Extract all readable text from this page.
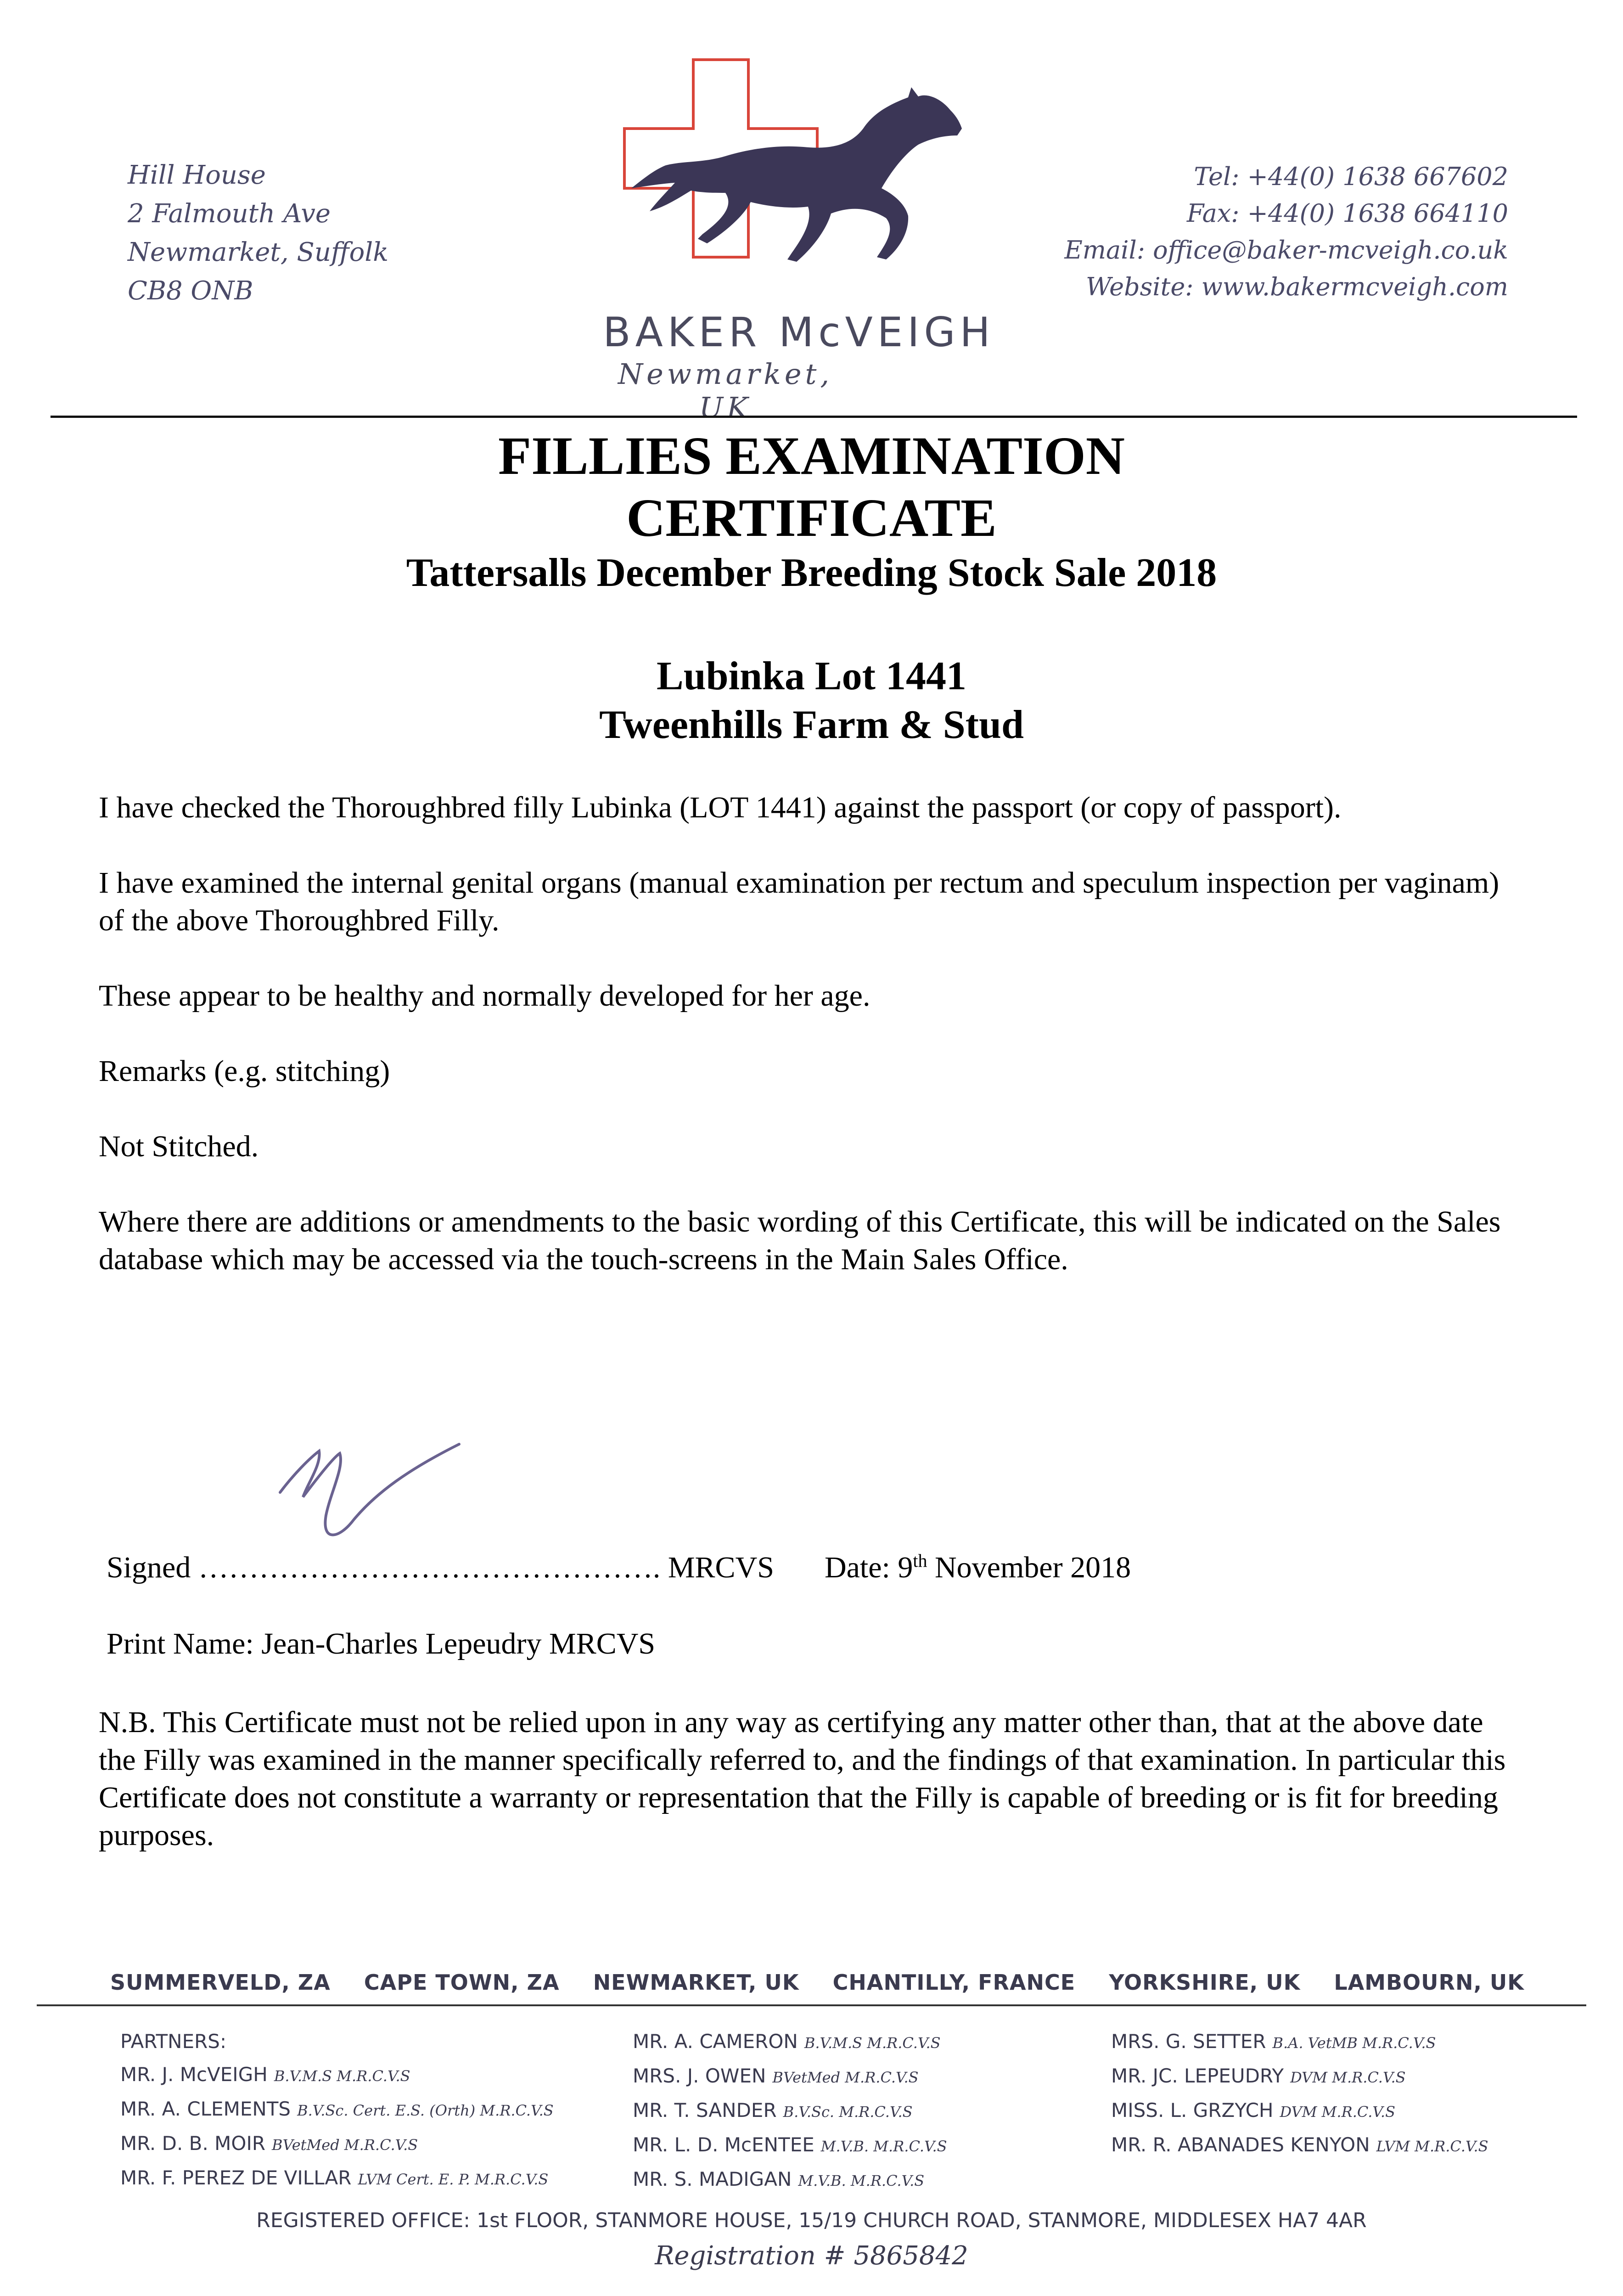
Hill House
2 Falmouth Ave
Newmarket, Suffolk
CB8 ONB
BAKER McVEIGH
Newmarket, UK
Tel: +44(0) 1638 667602
Fax: +44(0) 1638 664110
Email: office@baker-mcveigh.co.uk
Website: www.bakermcveigh.com
FILLIES EXAMINATION
CERTIFICATE
Tattersalls December Breeding Stock Sale 2018
Lubinka Lot 1441
Tweenhills Farm & Stud

I have checked the Thoroughbred filly Lubinka (LOT 1441) against the passport (or copy of passport).

I have examined the internal genital organs (manual examination per rectum and speculum inspection per vaginam) of the above Thoroughbred Filly.

These appear to be healthy and normally developed for her age.

Remarks (e.g. stitching)

Not Stitched.

Where there are additions or amendments to the basic wording of this Certificate, this will be indicated on the Sales database which may be accessed via the touch-screens in the Main Sales Office.

Signed ………………………………………. MRCVS Date: 9th November 2018
Print Name: Jean-Charles Lepeudry MRCVS

N.B. This Certificate must not be relied upon in any way as certifying any matter other than, that at the above date the Filly was examined in the manner specifically referred to, and the findings of that examination. In particular this Certificate does not constitute a warranty or representation that the Filly is capable of breeding or is fit for breeding purposes.

SUMMERVELD, ZA CAPE TOWN, ZA NEWMARKET, UK CHANTILLY, FRANCE YORKSHIRE, UK LAMBOURN, UK
PARTNERS:
MR. J. McVEIGH B.V.M.S M.R.C.V.S
MR. A. CLEMENTS B.V.Sc. Cert. E.S. (Orth) M.R.C.V.S
MR. D. B. MOIR BVetMed M.R.C.V.S
MR. F. PEREZ DE VILLAR LVM Cert. E. P. M.R.C.V.S
MR. A. CAMERON B.V.M.S M.R.C.V.S
MRS. J. OWEN BVetMed M.R.C.V.S
MR. T. SANDER B.V.Sc. M.R.C.V.S
MR. L. D. McENTEE M.V.B. M.R.C.V.S
MR. S. MADIGAN M.V.B. M.R.C.V.S
MRS. G. SETTER B.A. VetMB M.R.C.V.S
MR. JC. LEPEUDRY DVM M.R.C.V.S
MISS. L. GRZYCH DVM M.R.C.V.S
MR. R. ABANADES KENYON LVM M.R.C.V.S
REGISTERED OFFICE: 1st FLOOR, STANMORE HOUSE, 15/19 CHURCH ROAD, STANMORE, MIDDLESEX HA7 4AR
Registration # 5865842
